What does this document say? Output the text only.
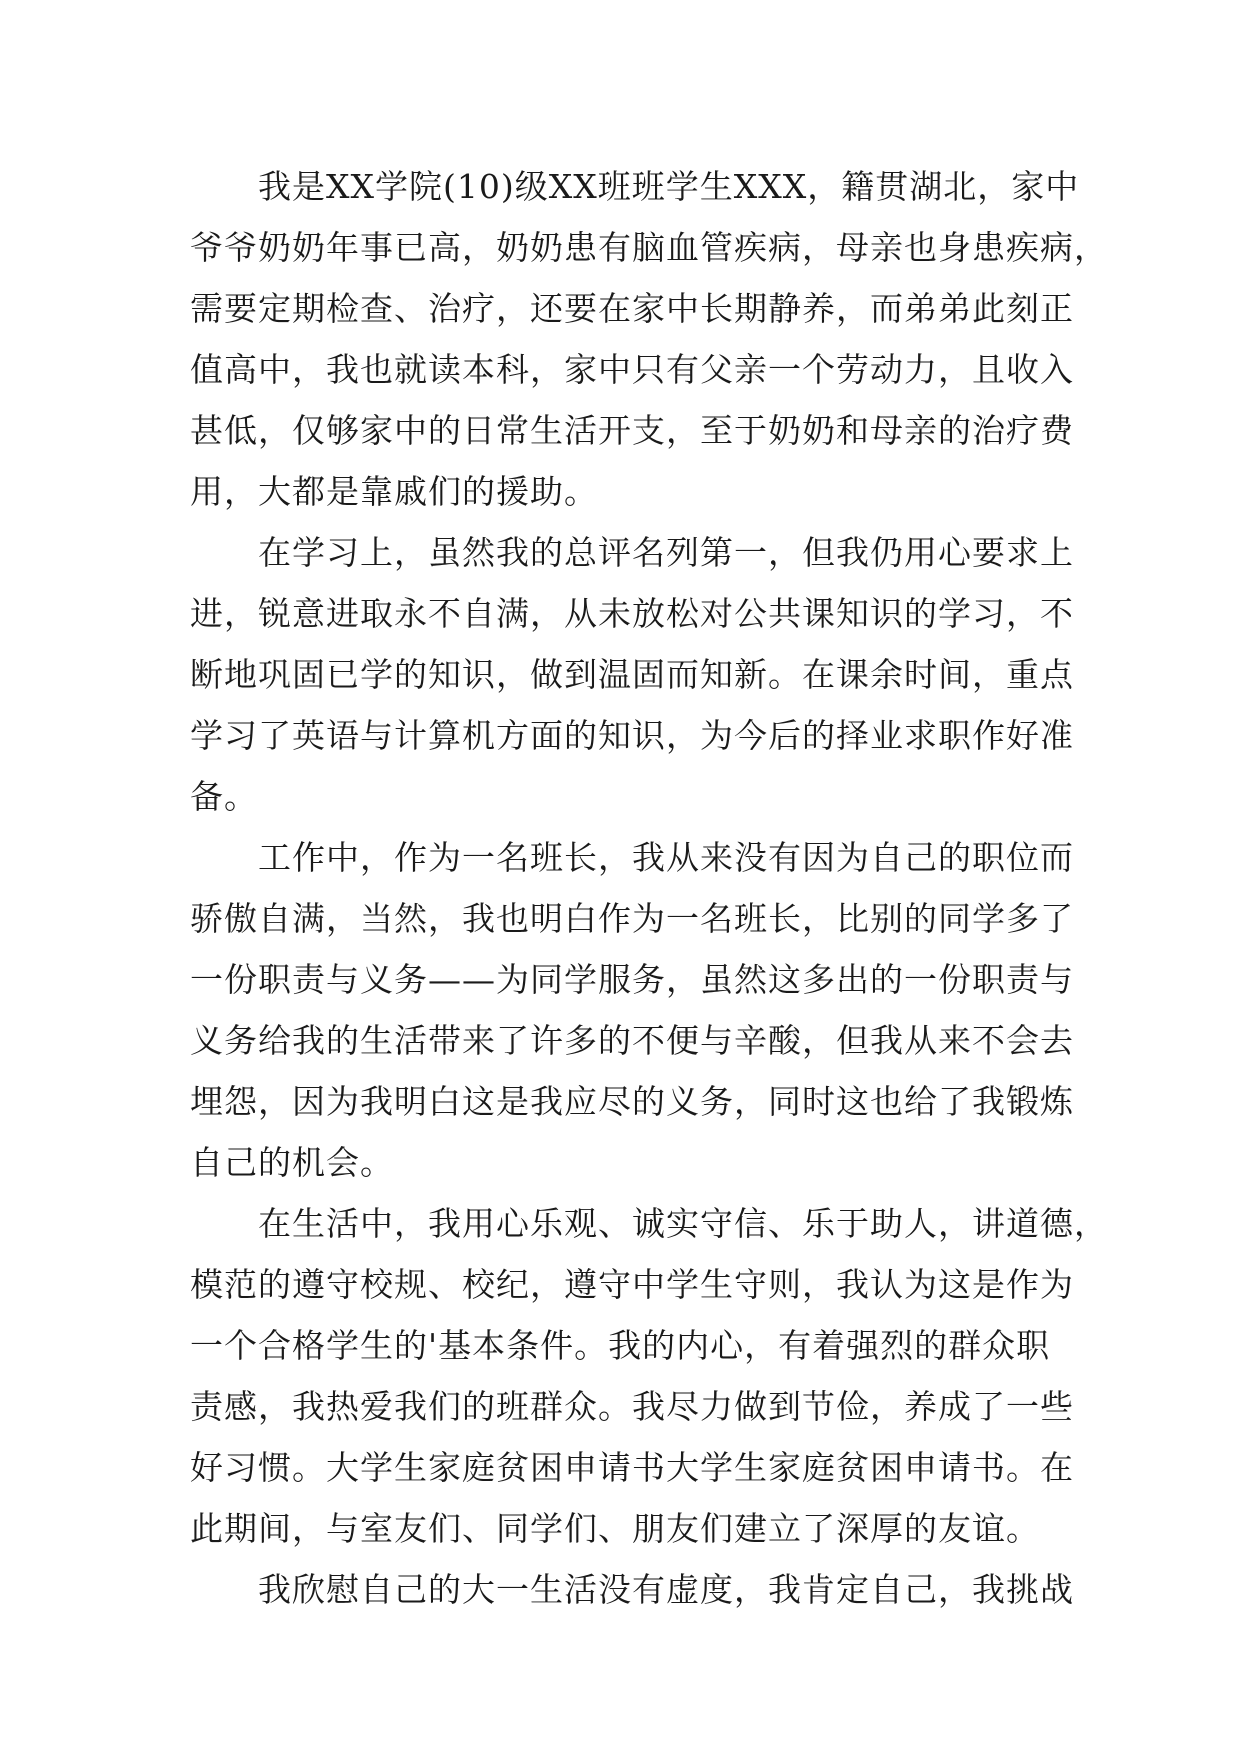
我是XX学院(10)级XX班班学生XXX，籍贯湖北，家中
爷爷奶奶年事已高，奶奶患有脑血管疾病，母亲也身患疾病，
需要定期检查、治疗，还要在家中长期静养，而弟弟此刻正
值高中，我也就读本科，家中只有父亲一个劳动力，且收入
甚低，仅够家中的日常生活开支，至于奶奶和母亲的治疗费
用，大都是靠戚们的援助。
在学习上，虽然我的总评名列第一，但我仍用心要求上
进，锐意进取永不自满，从未放松对公共课知识的学习，不
断地巩固已学的知识，做到温固而知新。在课余时间，重点
学习了英语与计算机方面的知识，为今后的择业求职作好准
备。
工作中，作为一名班长，我从来没有因为自己的职位而
骄傲自满，当然，我也明白作为一名班长，比别的同学多了
一份职责与义务——为同学服务，虽然这多出的一份职责与
义务给我的生活带来了许多的不便与辛酸，但我从来不会去
埋怨，因为我明白这是我应尽的义务，同时这也给了我锻炼
自己的机会。
在生活中，我用心乐观、诚实守信、乐于助人，讲道德，
模范的遵守校规、校纪，遵守中学生守则，我认为这是作为
一个合格学生的'基本条件。我的内心，有着强烈的群众职
责感，我热爱我们的班群众。我尽力做到节俭，养成了一些
好习惯。大学生家庭贫困申请书大学生家庭贫困申请书。在
此期间，与室友们、同学们、朋友们建立了深厚的友谊。
我欣慰自己的大一生活没有虚度，我肯定自己，我挑战
